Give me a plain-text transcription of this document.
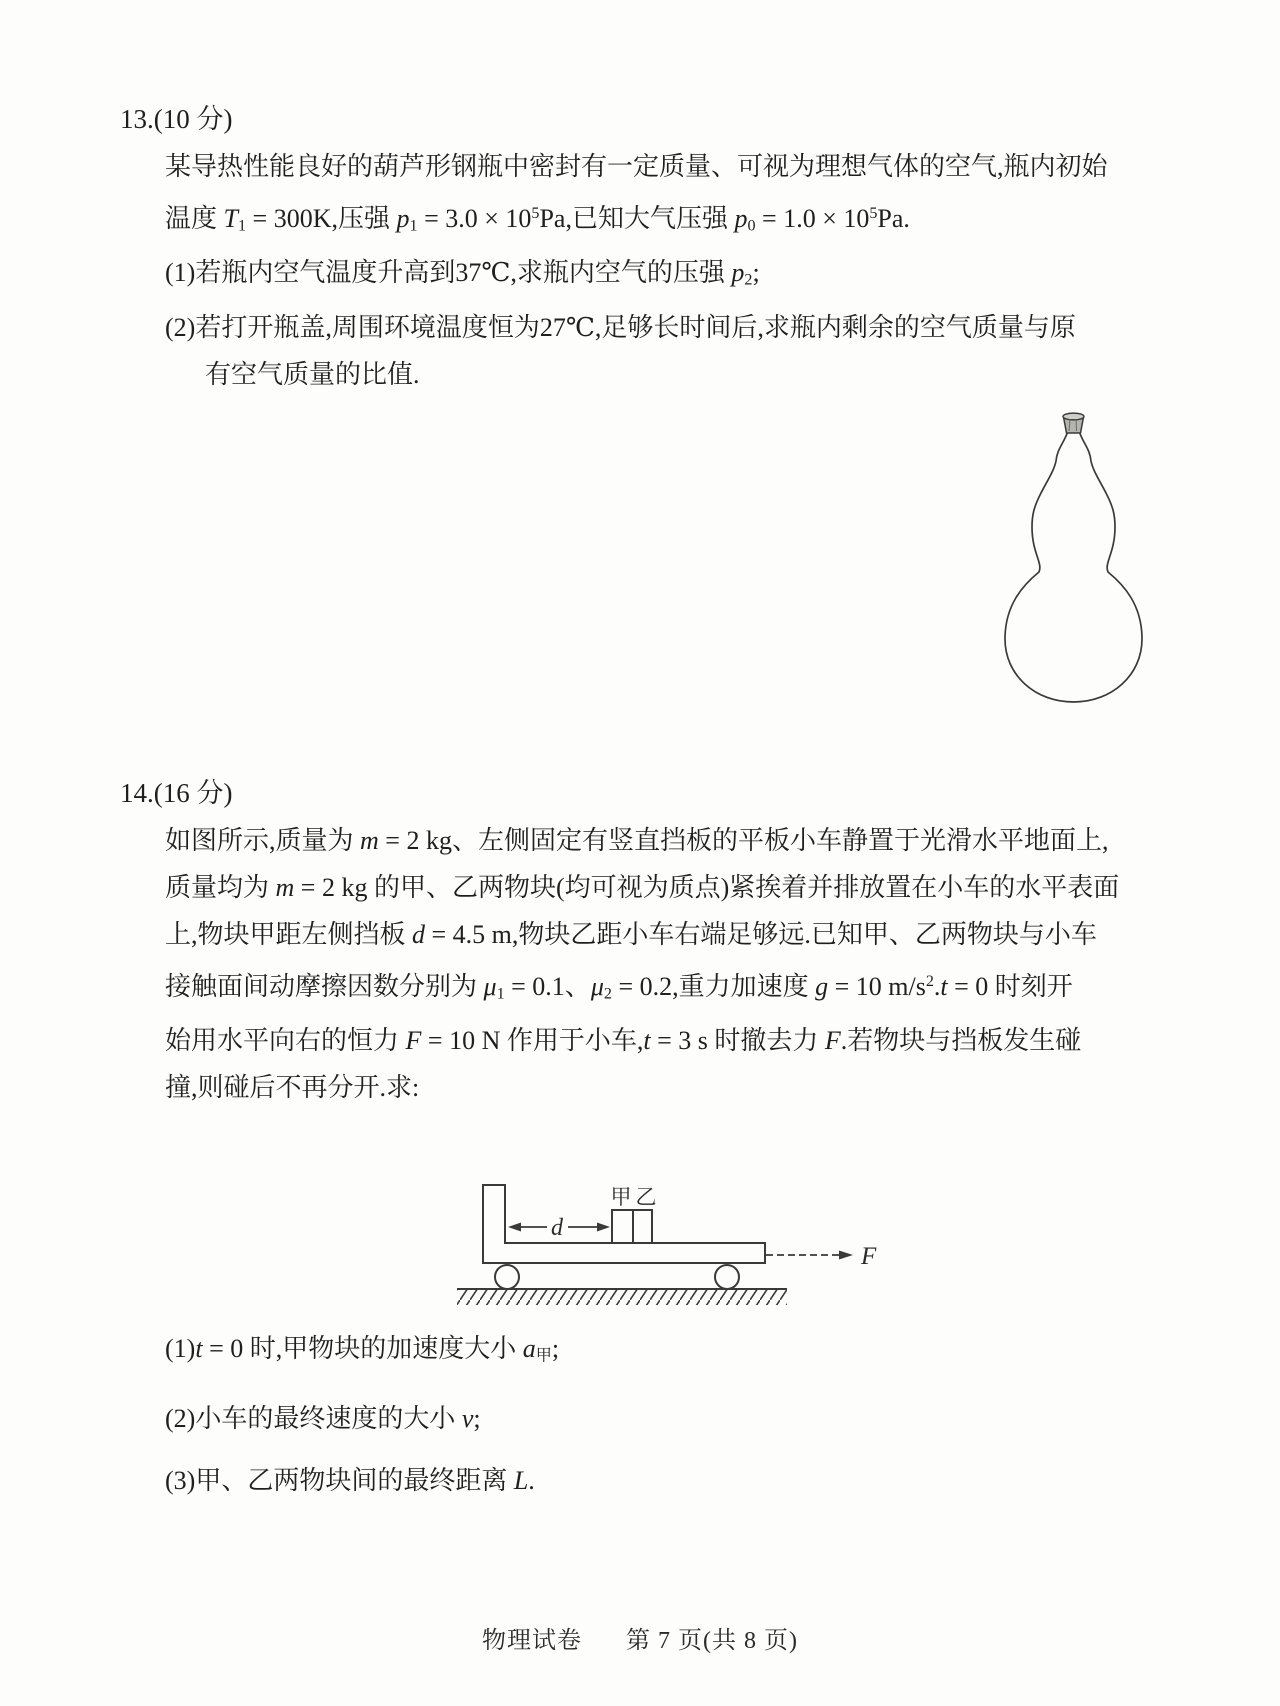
13.(10 分)
某导热性能良好的葫芦形钢瓶中密封有一定质量、可视为理想气体的空气,瓶内初始
温度 T1 = 300K,压强 $p1 = 3.0 \times 10^5Pa$,已知大气压强 $p0 = 1.0 \times 10^5Pa$.
(1)若瓶内空气温度升高到37℃,求瓶内空气的压强 p2;
(2)若打开瓶盖,周围环境温度恒为27℃,足够长时间后,求瓶内剩余的空气质量与原
有空气质量的比值.
14.(16 分)
如图所示,质量为 m = 2 kg、左侧固定有竖直挡板的平板小车静置于光滑水平地面上,
质量均为 m = 2 kg 的甲、乙两物块(均可视为质点)紧挨着并排放置在小车的水平表面
上,物块甲距左侧挡板 d = 4.5 m,物块乙距小车右端足够远.已知甲、乙两物块与小车
接触面间动摩擦因数分别为 μ1 = 0.1、μ2 = 0.2,重力加速度 g = 10 $m/s^2.t = 0$ 时刻开
始用水平向右的恒力 F = 10 N 作用于小车,t = 3 s 时撤去力 F.若物块与挡板发生碰
撞,则碰后不再分开.求:
甲 乙
d
F
(1)t = 0 时,甲物块的加速度大小 a甲;
(2)小车的最终速度的大小 v;
(3)甲、乙两物块间的最终距离 L.
物理试卷 第 7 页(共 8 页)
